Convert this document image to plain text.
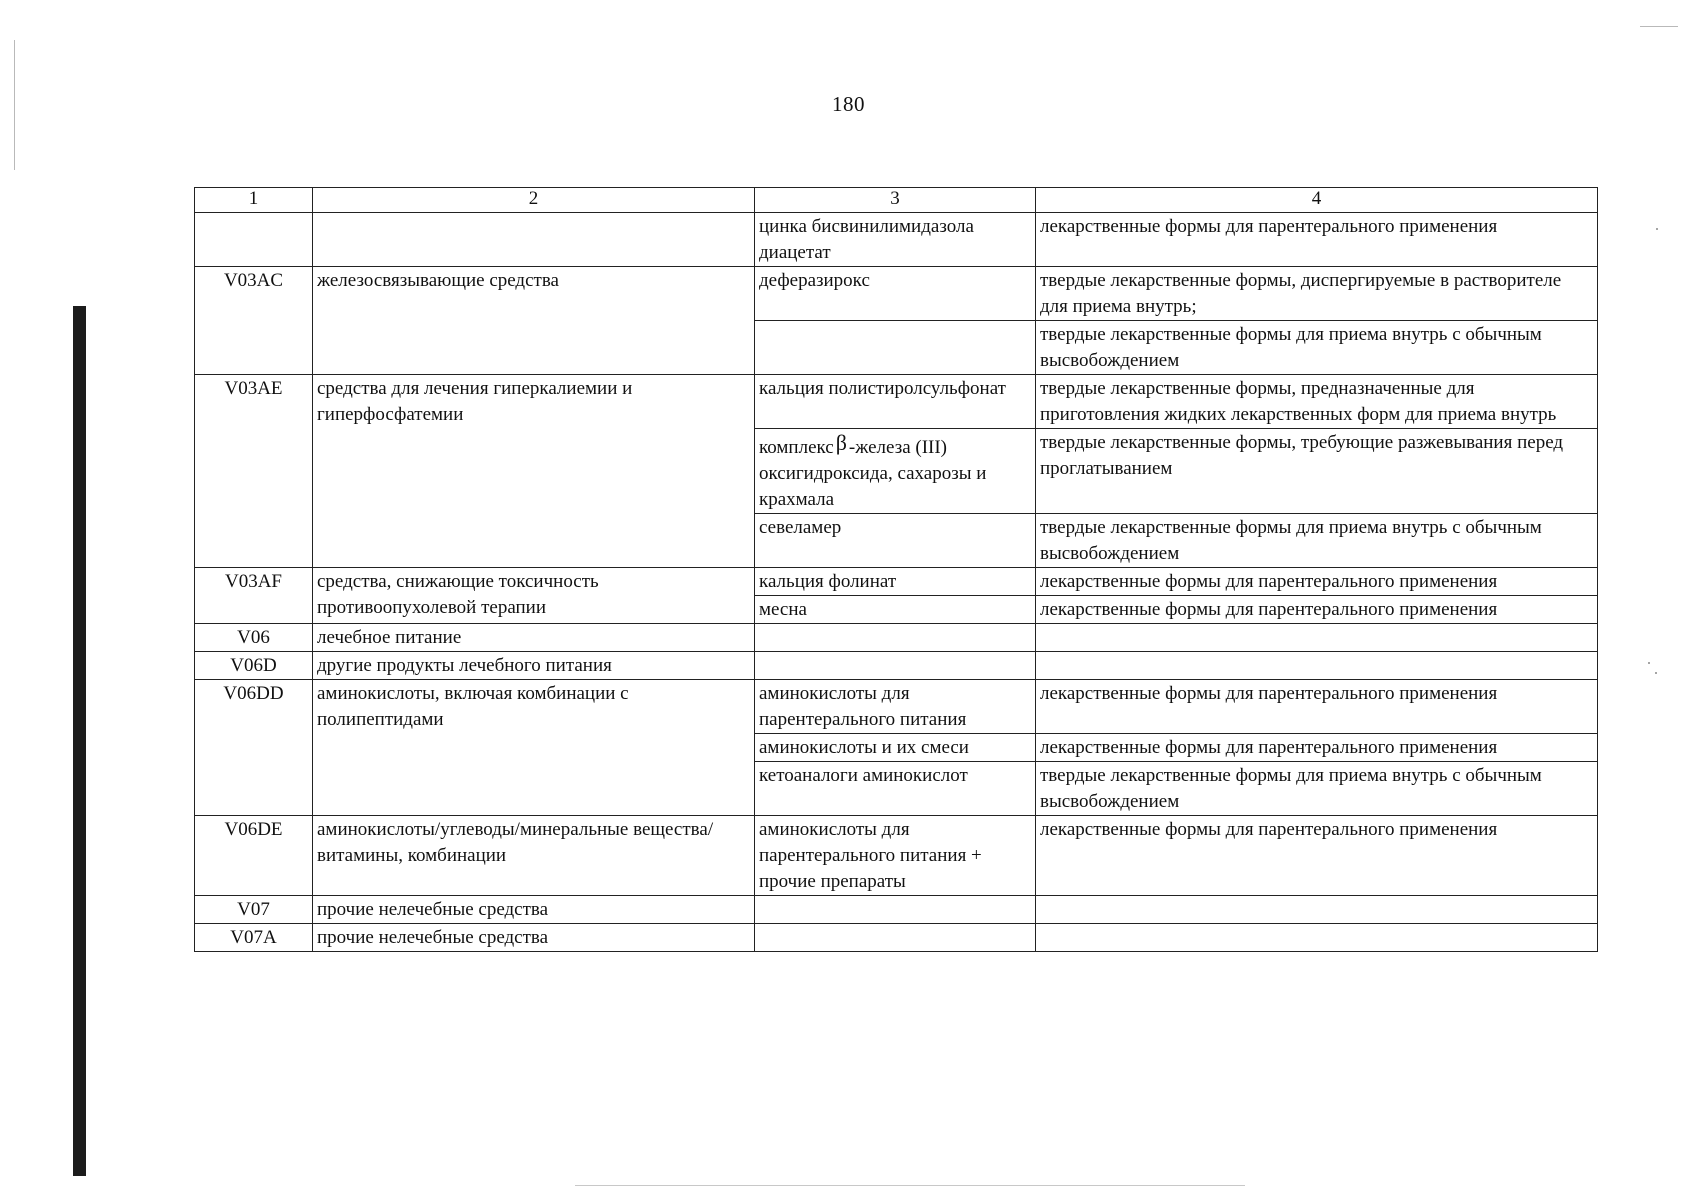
180
1	2	3	4
		цинка бисвинилимидазола диацетат	лекарственные формы для парентерального применения
V03AC	железосвязывающие средства	деферазирокс	твердые лекарственные формы, диспергируемые в растворителе для приема внутрь;
			твердые лекарственные формы для приема внутрь с обычным высвобождением
V03AE	средства для лечения гиперкалиемии и гиперфосфатемии	кальция полистиролсульфонат	твердые лекарственные формы, предназначенные для приготовления жидких лекарственных форм для приема внутрь
		комплексβ -железа (III) оксигидроксида, сахарозы и крахмала	твердые лекарственные формы, требующие разжевывания перед проглатыванием
		севеламер	твердые лекарственные формы для приема внутрь с обычным высвобождением
V03AF	средства, снижающие токсичность противоопухолевой терапии	кальция фолинат	лекарственные формы для парентерального применения
		месна	лекарственные формы для парентерального применения
V06	лечебное питание		
V06D	другие продукты лечебного питания		
V06DD	аминокислоты, включая комбинации с полипептидами	аминокислоты для парентерального питания	лекарственные формы для парентерального применения
		аминокислоты и их смеси	лекарственные формы для парентерального применения
		кетоаналоги аминокислот	твердые лекарственные формы для приема внутрь с обычным высвобождением
V06DE	аминокислоты/углеводы/минеральные вещества/витамины, комбинации	аминокислоты для парентерального питания + прочие препараты	лекарственные формы для парентерального применения
V07	прочие нелечебные средства		
V07A	прочие нелечебные средства		
